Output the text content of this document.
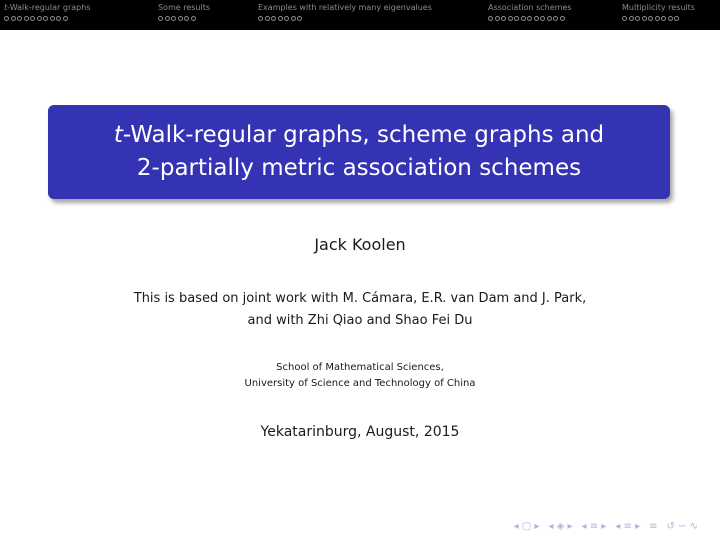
t-Walk-regular graphs	Some results	Examples with relatively many eigenvalues	Association schemes	Multiplicity results
t-Walk-regular graphs, scheme graphs and
2-partially metric association schemes
Jack Koolen
This is based on joint work with M. Cámara, E.R. van Dam and J. Park,
and with Zhi Qiao and Shao Fei Du
School of Mathematical Sciences,
University of Science and Technology of China
Yekatarinburg, August, 2015
◂ ▢ ▸ ◂ ◈ ▸ ◂ ≡ ▸ ◂ ≡ ▸ ≡ ↺ ∽ ∿
